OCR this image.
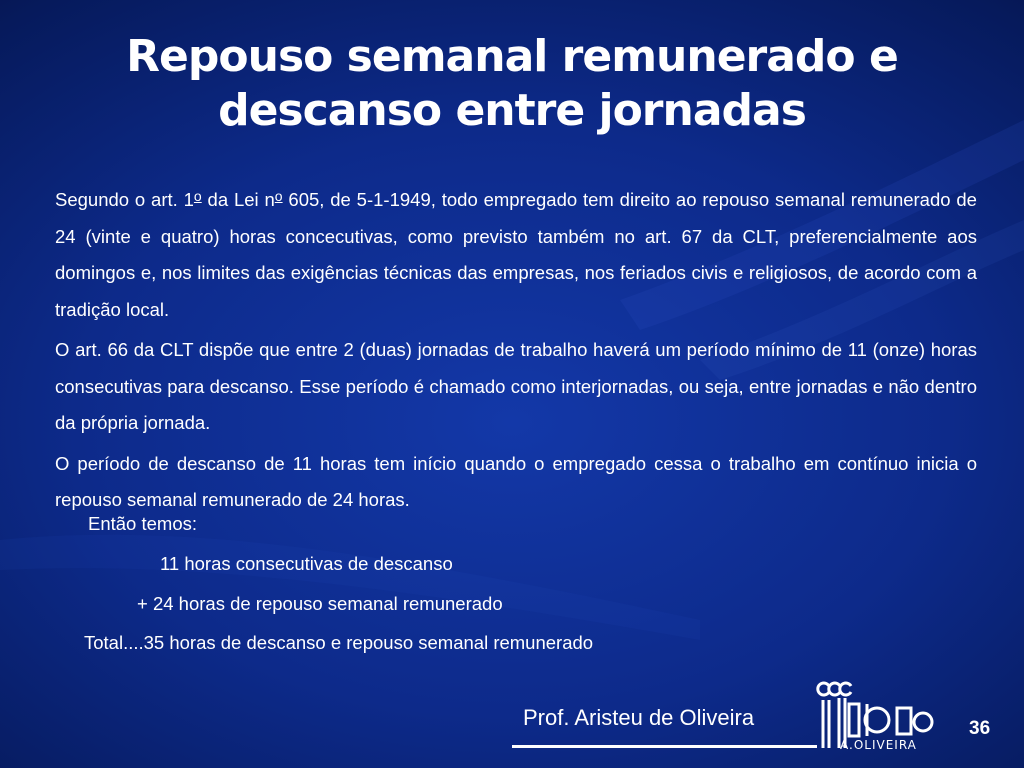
Repouso semanal remunerado e
descanso entre jornadas

Segundo o art. 1$^o$ da Lei $n^o$ 605, de 5-1-1949, todo empregado tem direito ao repouso semanal remunerado de 24 (vinte e quatro) horas concecutivas, como previsto também no art. 67 da CLT, preferencialmente aos domingos e, nos limites das exigências técnicas das empresas, nos feriados civis e religiosos, de acordo com a tradição local.

O art. 66 da CLT dispõe que entre 2 (duas) jornadas de trabalho haverá um período mínimo de 11 (onze) horas consecutivas para descanso. Esse período é chamado como interjornadas, ou seja, entre jornadas e não dentro da própria jornada.

O período de descanso de 11 horas tem início quando o empregado cessa o trabalho em contínuo inicia o repouso semanal remunerado de 24 horas.

Então temos:
11 horas consecutivas de descanso
+ 24 horas de repouso semanal remunerado
Total....35 horas de descanso e repouso semanal remunerado
Prof. Aristeu de Oliveira
A.OLIVEIRA
36
